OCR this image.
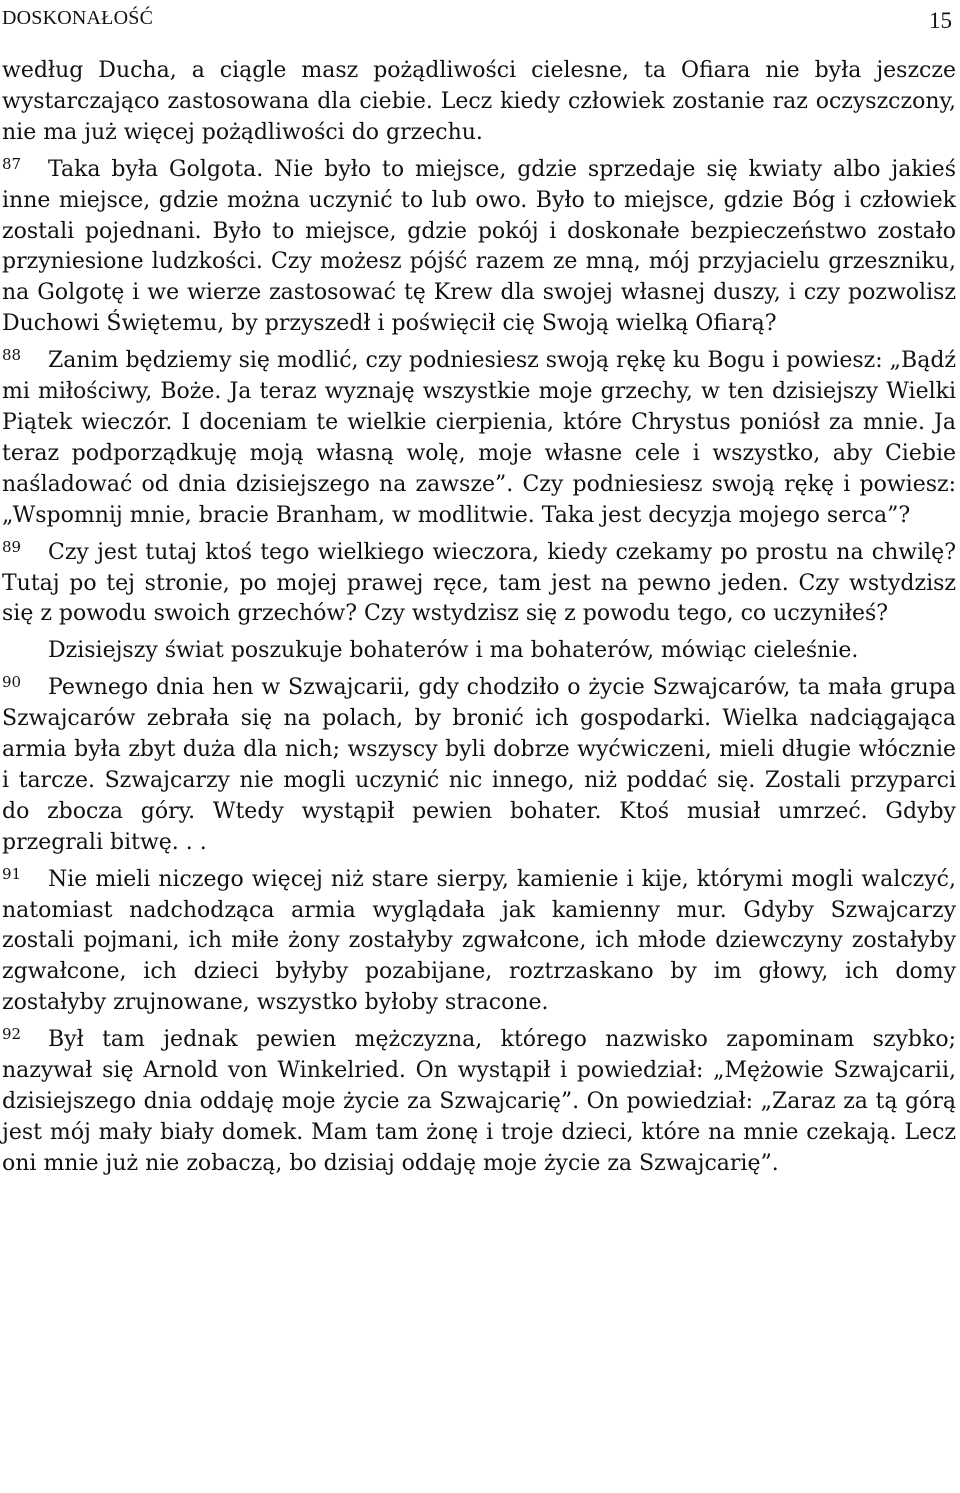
DOSKONAŁOŚĆ	15

według Ducha, a ciągle masz pożądliwości cielesne, ta Ofiara nie była jeszcze wystarczająco zastosowana dla ciebie. Lecz kiedy człowiek zostanie raz oczyszczony, nie ma już więcej pożądliwości do grzechu.

87 Taka była Golgota. Nie było to miejsce, gdzie sprzedaje się kwiaty albo jakieś inne miejsce, gdzie można uczynić to lub owo. Było to miejsce, gdzie Bóg i człowiek zostali pojednani. Było to miejsce, gdzie pokój i doskonałe bezpieczeństwo zostało przyniesione ludzkości. Czy możesz pójść razem ze mną, mój przyjacielu grzeszniku, na Golgotę i we wierze zastosować tę Krew dla swojej własnej duszy, i czy pozwolisz Duchowi Świętemu, by przyszedł i poświęcił cię Swoją wielką Ofiarą?

88 Zanim będziemy się modlić, czy podniesiesz swoją rękę ku Bogu i powiesz: „Bądź mi miłościwy, Boże. Ja teraz wyznaję wszystkie moje grzechy, w ten dzisiejszy Wielki Piątek wieczór. I doceniam te wielkie cierpienia, które Chrystus poniósł za mnie. Ja teraz podporządkuję moją własną wolę, moje własne cele i wszystko, aby Ciebie naśladować od dnia dzisiejszego na zawsze”. Czy podniesiesz swoją rękę i powiesz: „Wspomnij mnie, bracie Branham, w modlitwie. Taka jest decyzja mojego serca”?

89 Czy jest tutaj ktoś tego wielkiego wieczora, kiedy czekamy po prostu na chwilę? Tutaj po tej stronie, po mojej prawej ręce, tam jest na pewno jeden. Czy wstydzisz się z powodu swoich grzechów? Czy wstydzisz się z powodu tego, co uczyniłeś?

Dzisiejszy świat poszukuje bohaterów i ma bohaterów, mówiąc cieleśnie.

90 Pewnego dnia hen w Szwajcarii, gdy chodziło o życie Szwajcarów, ta mała grupa Szwajcarów zebrała się na polach, by bronić ich gospodarki. Wielka nadciągająca armia była zbyt duża dla nich; wszyscy byli dobrze wyćwiczeni, mieli długie włócznie i tarcze. Szwajcarzy nie mogli uczynić nic innego, niż poddać się. Zostali przyparci do zbocza góry. Wtedy wystąpił pewien bohater. Ktoś musiał umrzeć. Gdyby przegrali bitwę. . .

91 Nie mieli niczego więcej niż stare sierpy, kamienie i kije, którymi mogli walczyć, natomiast nadchodząca armia wyglądała jak kamienny mur. Gdyby Szwajcarzy zostali pojmani, ich miłe żony zostałyby zgwałcone, ich młode dziewczyny zostałyby zgwałcone, ich dzieci byłyby pozabijane, roztrzaskano by im głowy, ich domy zostałyby zrujnowane, wszystko byłoby stracone.

92 Był tam jednak pewien mężczyzna, którego nazwisko zapominam szybko; nazywał się Arnold von Winkelried. On wystąpił i powiedział: „Mężowie Szwajcarii, dzisiejszego dnia oddaję moje życie za Szwajcarię”. On powiedział: „Zaraz za tą górą jest mój mały biały domek. Mam tam żonę i troje dzieci, które na mnie czekają. Lecz oni mnie już nie zobaczą, bo dzisiaj oddaję moje życie za Szwajcarię”.
